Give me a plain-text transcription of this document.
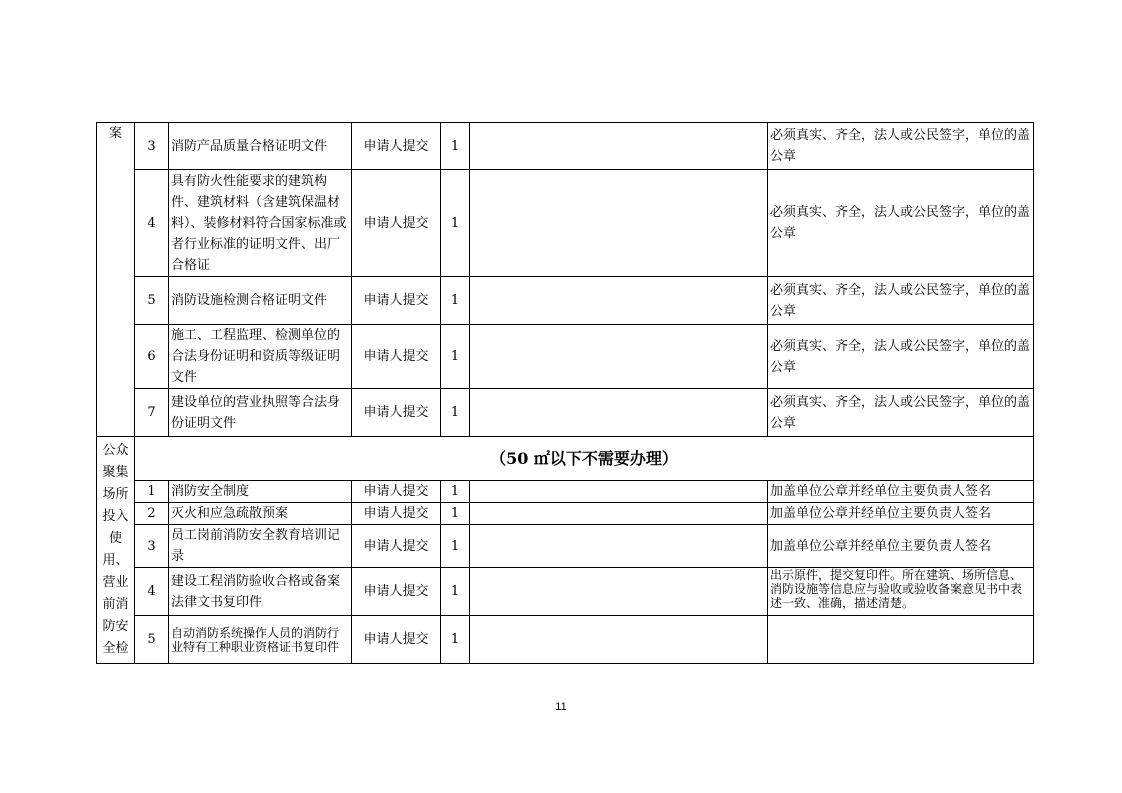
案	3	消防产品质量合格证明文件	申请人提交	1		必须真实、齐全，法人或公民签字，单位的盖公章
	4	具有防火性能要求的建筑构件、建筑材料（含建筑保温材料）、装修材料符合国家标准或者行业标准的证明文件、出厂合格证	申请人提交	1		必须真实、齐全，法人或公民签字，单位的盖公章
	5	消防设施检测合格证明文件	申请人提交	1		必须真实、齐全，法人或公民签字，单位的盖公章
	6	施工、工程监理、检测单位的合法身份证明和资质等级证明文件	申请人提交	1		必须真实、齐全，法人或公民签字，单位的盖公章
	7	建设单位的营业执照等合法身份证明文件	申请人提交	1		必须真实、齐全，法人或公民签字，单位的盖公章
公众聚集场所投入使用、营业前消防安全检	（50 ㎡以下不需要办理）					
	1	消防安全制度	申请人提交	1		加盖单位公章并经单位主要负责人签名
	2	灭火和应急疏散预案	申请人提交	1		加盖单位公章并经单位主要负责人签名
	3	员工岗前消防安全教育培训记录	申请人提交	1		加盖单位公章并经单位主要负责人签名
	4	建设工程消防验收合格或备案法律文书复印件	申请人提交	1		出示原件，提交复印件。所在建筑、场所信息、消防设施等信息应与验收或验收备案意见书中表述一致、准确，描述清楚。
	5	自动消防系统操作人员的消防行业特有工种职业资格证书复印件	申请人提交	1		
11
